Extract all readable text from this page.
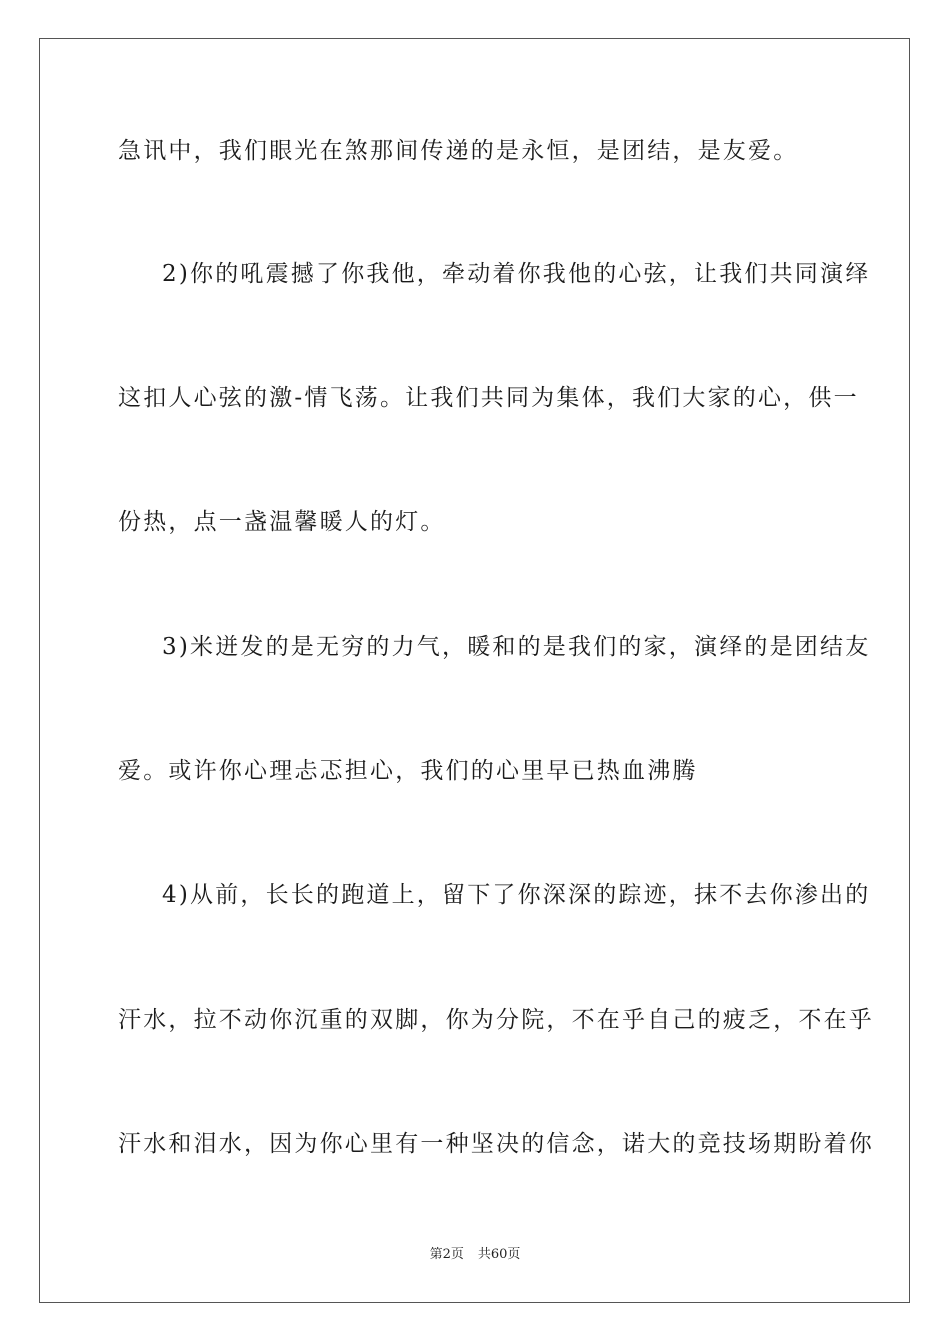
急讯中，我们眼光在煞那间传递的是永恒，是团结，是友爱。
2)你的吼震撼了你我他，牵动着你我他的心弦，让我们共同演绎
这扣人心弦的激-情飞荡。让我们共同为集体，我们大家的心，供一
份热，点一盏温馨暖人的灯。
3)米迸发的是无穷的力气，暖和的是我们的家，演绎的是团结友
爱。或许你心理忐忑担心，我们的心里早已热血沸腾
4)从前，长长的跑道上，留下了你深深的踪迹，抹不去你渗出的
汗水，拉不动你沉重的双脚，你为分院，不在乎自己的疲乏，不在乎
汗水和泪水，因为你心里有一种坚决的信念，诺大的竞技场期盼着你
第2页 共60页
